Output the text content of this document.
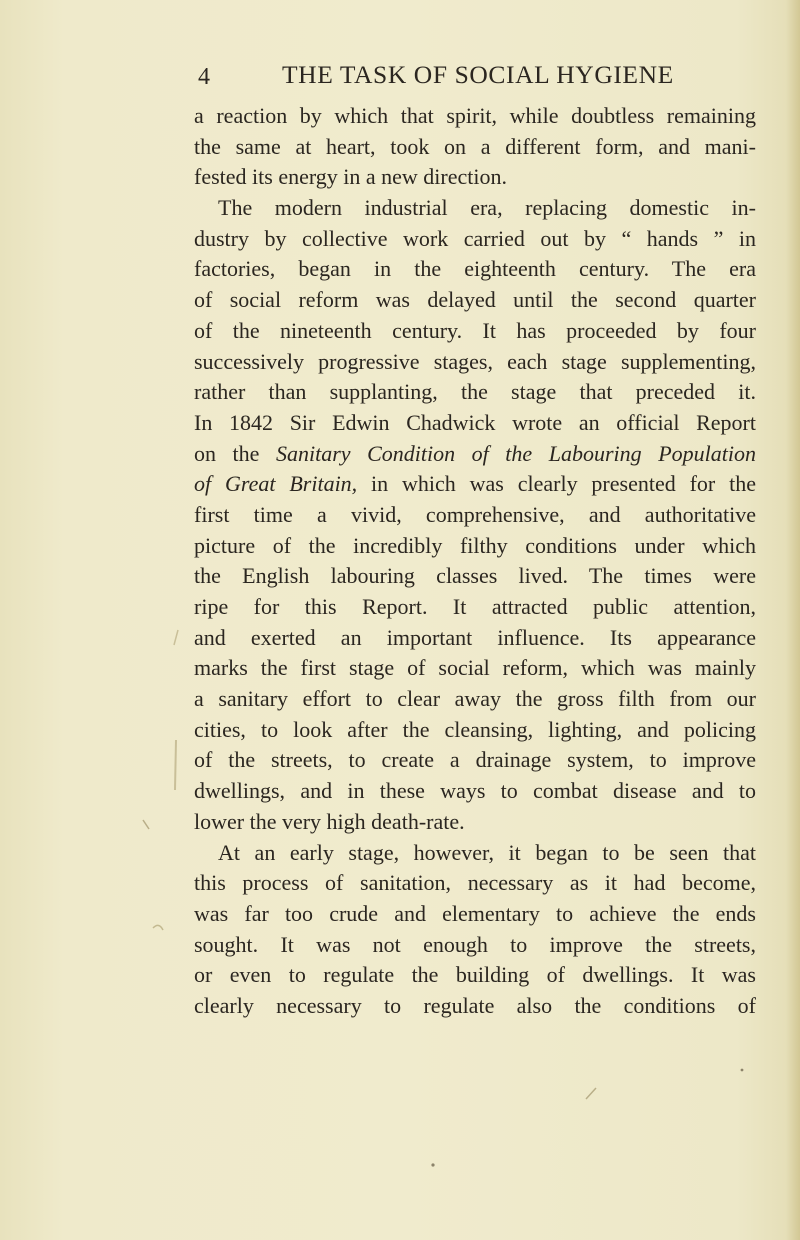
4	THE TASK OF SOCIAL HYGIENE
a reaction by which that spirit, while doubtless remaining
the same at heart, took on a different form, and mani-
fested its energy in a new direction.
The modern industrial era, replacing domestic in-
dustry by collective work carried out by “ hands ” in
factories, began in the eighteenth century. The era
of social reform was delayed until the second quarter
of the nineteenth century. It has proceeded by four
successively progressive stages, each stage supplementing,
rather than supplanting, the stage that preceded it.
In 1842 Sir Edwin Chadwick wrote an official Report
on the Sanitary Condition of the Labouring Population
of Great Britain, in which was clearly presented for the
first time a vivid, comprehensive, and authoritative
picture of the incredibly filthy conditions under which
the English labouring classes lived. The times were
ripe for this Report. It attracted public attention,
and exerted an important influence. Its appearance
marks the first stage of social reform, which was mainly
a sanitary effort to clear away the gross filth from our
cities, to look after the cleansing, lighting, and policing
of the streets, to create a drainage system, to improve
dwellings, and in these ways to combat disease and to
lower the very high death-rate.
At an early stage, however, it began to be seen that
this process of sanitation, necessary as it had become,
was far too crude and elementary to achieve the ends
sought. It was not enough to improve the streets,
or even to regulate the building of dwellings. It was
clearly necessary to regulate also the conditions of
